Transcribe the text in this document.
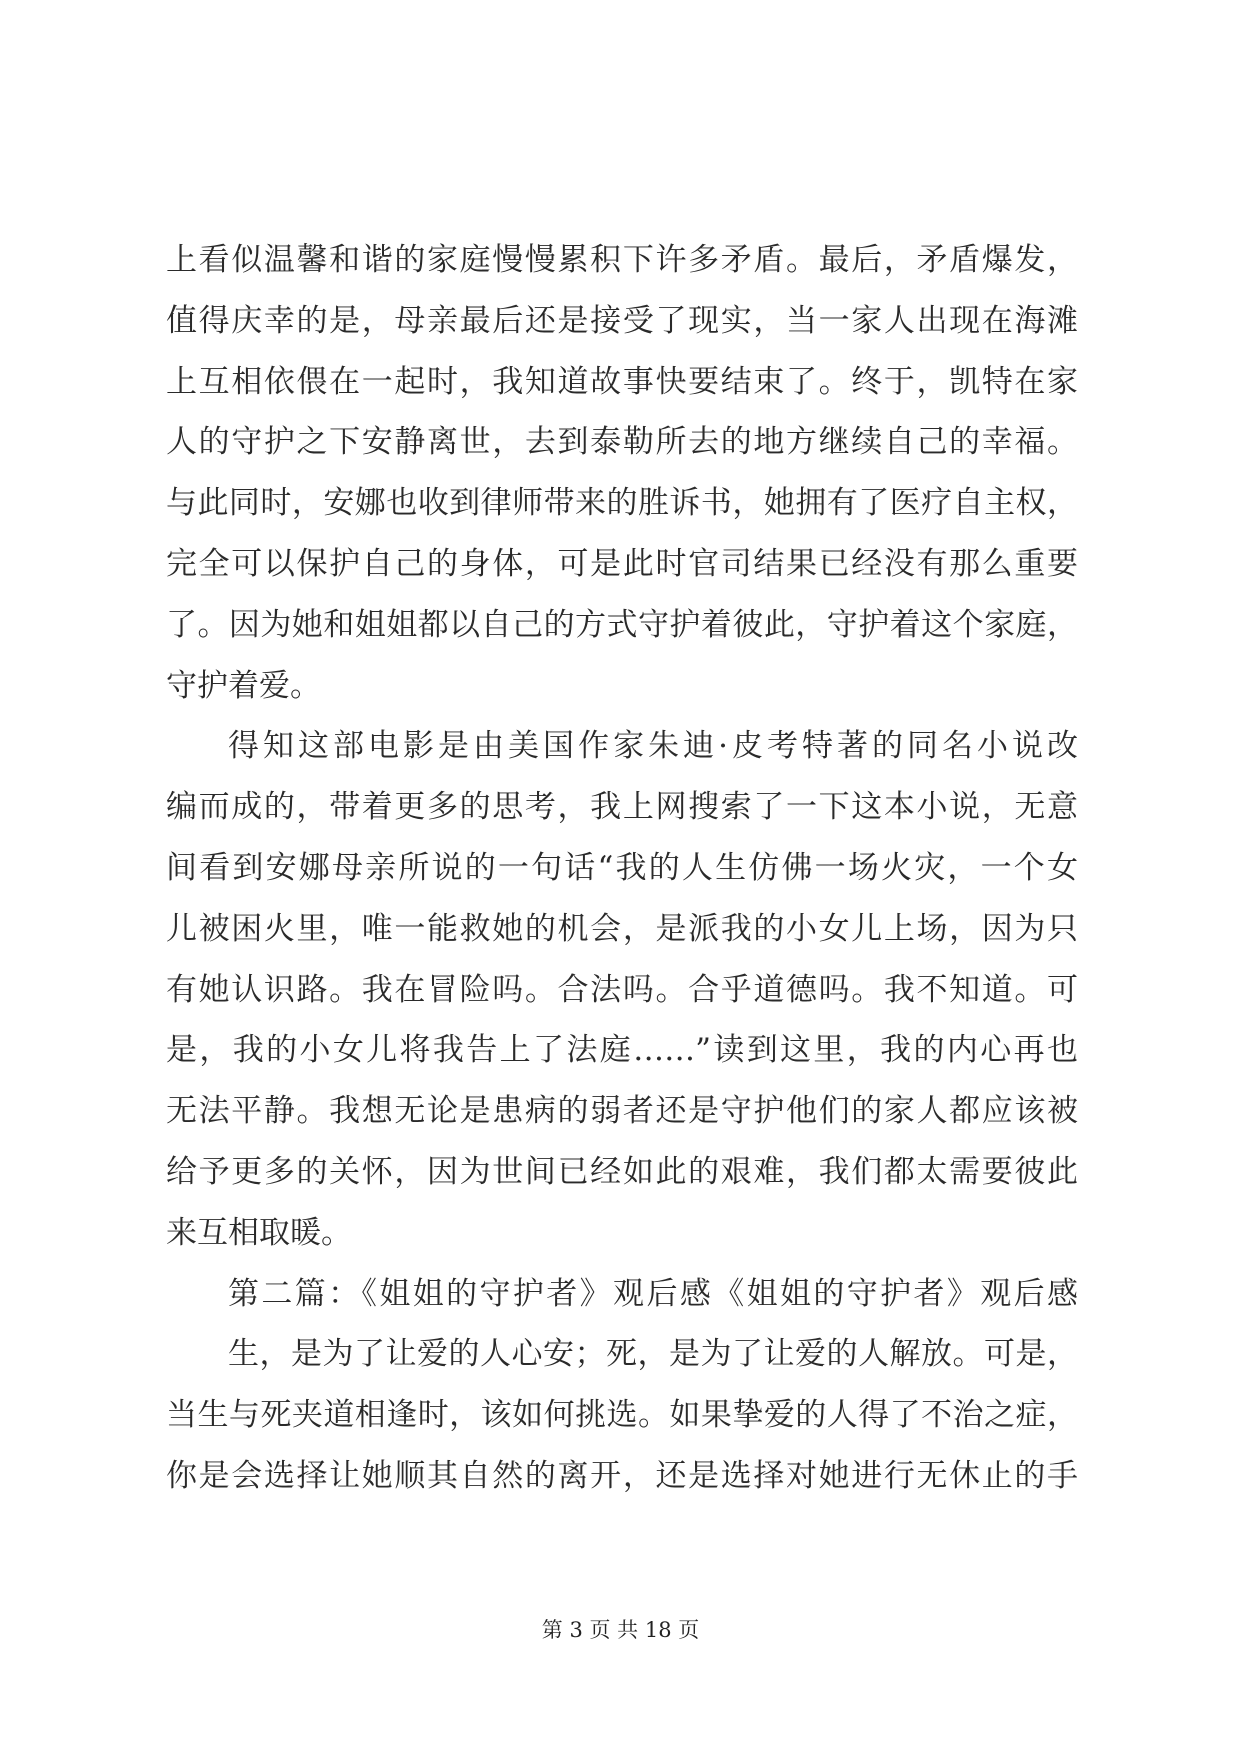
上看似温馨和谐的家庭慢慢累积下许多矛盾。最后，矛盾爆发，
值得庆幸的是，母亲最后还是接受了现实，当一家人出现在海滩
上互相依偎在一起时，我知道故事快要结束了。终于，凯特在家
人的守护之下安静离世，去到泰勒所去的地方继续自己的幸福。
与此同时，安娜也收到律师带来的胜诉书，她拥有了医疗自主权，
完全可以保护自己的身体，可是此时官司结果已经没有那么重要
了。因为她和姐姐都以自己的方式守护着彼此，守护着这个家庭，
守护着爱。
得知这部电影是由美国作家朱迪·皮考特著的同名小说改
编而成的，带着更多的思考，我上网搜索了一下这本小说，无意
间看到安娜母亲所说的一句话“我的人生仿佛一场火灾，一个女
儿被困火里，唯一能救她的机会，是派我的小女儿上场，因为只
有她认识路。我在冒险吗。合法吗。合乎道德吗。我不知道。可
是，我的小女儿将我告上了法庭……”读到这里，我的内心再也
无法平静。我想无论是患病的弱者还是守护他们的家人都应该被
给予更多的关怀，因为世间已经如此的艰难，我们都太需要彼此
来互相取暖。
第二篇：《姐姐的守护者》观后感《姐姐的守护者》观后感
生，是为了让爱的人心安；死，是为了让爱的人解放。可是，
当生与死夹道相逢时，该如何挑选。如果挚爱的人得了不治之症，
你是会选择让她顺其自然的离开，还是选择对她进行无休止的手
第 3 页 共 18 页
